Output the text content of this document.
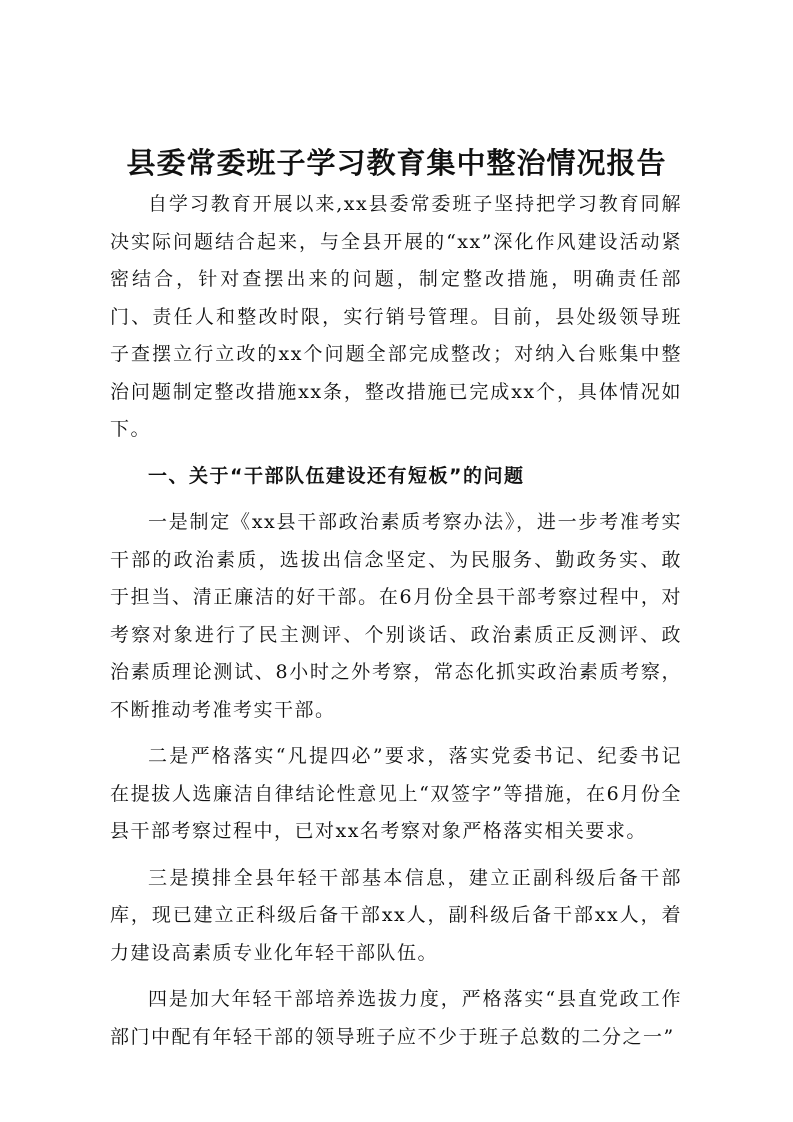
县委常委班子学习教育集中整治情况报告

自学习教育开展以来,xx县委常委班子坚持把学习教育同解决实际问题结合起来，与全县开展的“xx”深化作风建设活动紧密结合，针对查摆出来的问题，制定整改措施，明确责任部门、责任人和整改时限，实行销号管理。目前，县处级领导班子查摆立行立改的xx个问题全部完成整改；对纳入台账集中整治问题制定整改措施xx条，整改措施已完成xx个，具体情况如下。

一、关于“干部队伍建设还有短板”的问题

一是制定《xx县干部政治素质考察办法》，进一步考准考实干部的政治素质，选拔出信念坚定、为民服务、勤政务实、敢于担当、清正廉洁的好干部。在6月份全县干部考察过程中，对考察对象进行了民主测评、个别谈话、政治素质正反测评、政治素质理论测试、8小时之外考察，常态化抓实政治素质考察，不断推动考准考实干部。

二是严格落实“凡提四必”要求，落实党委书记、纪委书记在提拔人选廉洁自律结论性意见上“双签字”等措施，在6月份全县干部考察过程中，已对xx名考察对象严格落实相关要求。

三是摸排全县年轻干部基本信息，建立正副科级后备干部库，现已建立正科级后备干部xx人，副科级后备干部xx人，着力建设高素质专业化年轻干部队伍。

四是加大年轻干部培养选拔力度，严格落实“县直党政工作部门中配有年轻干部的领导班子应不少于班子总数的二分之一”
